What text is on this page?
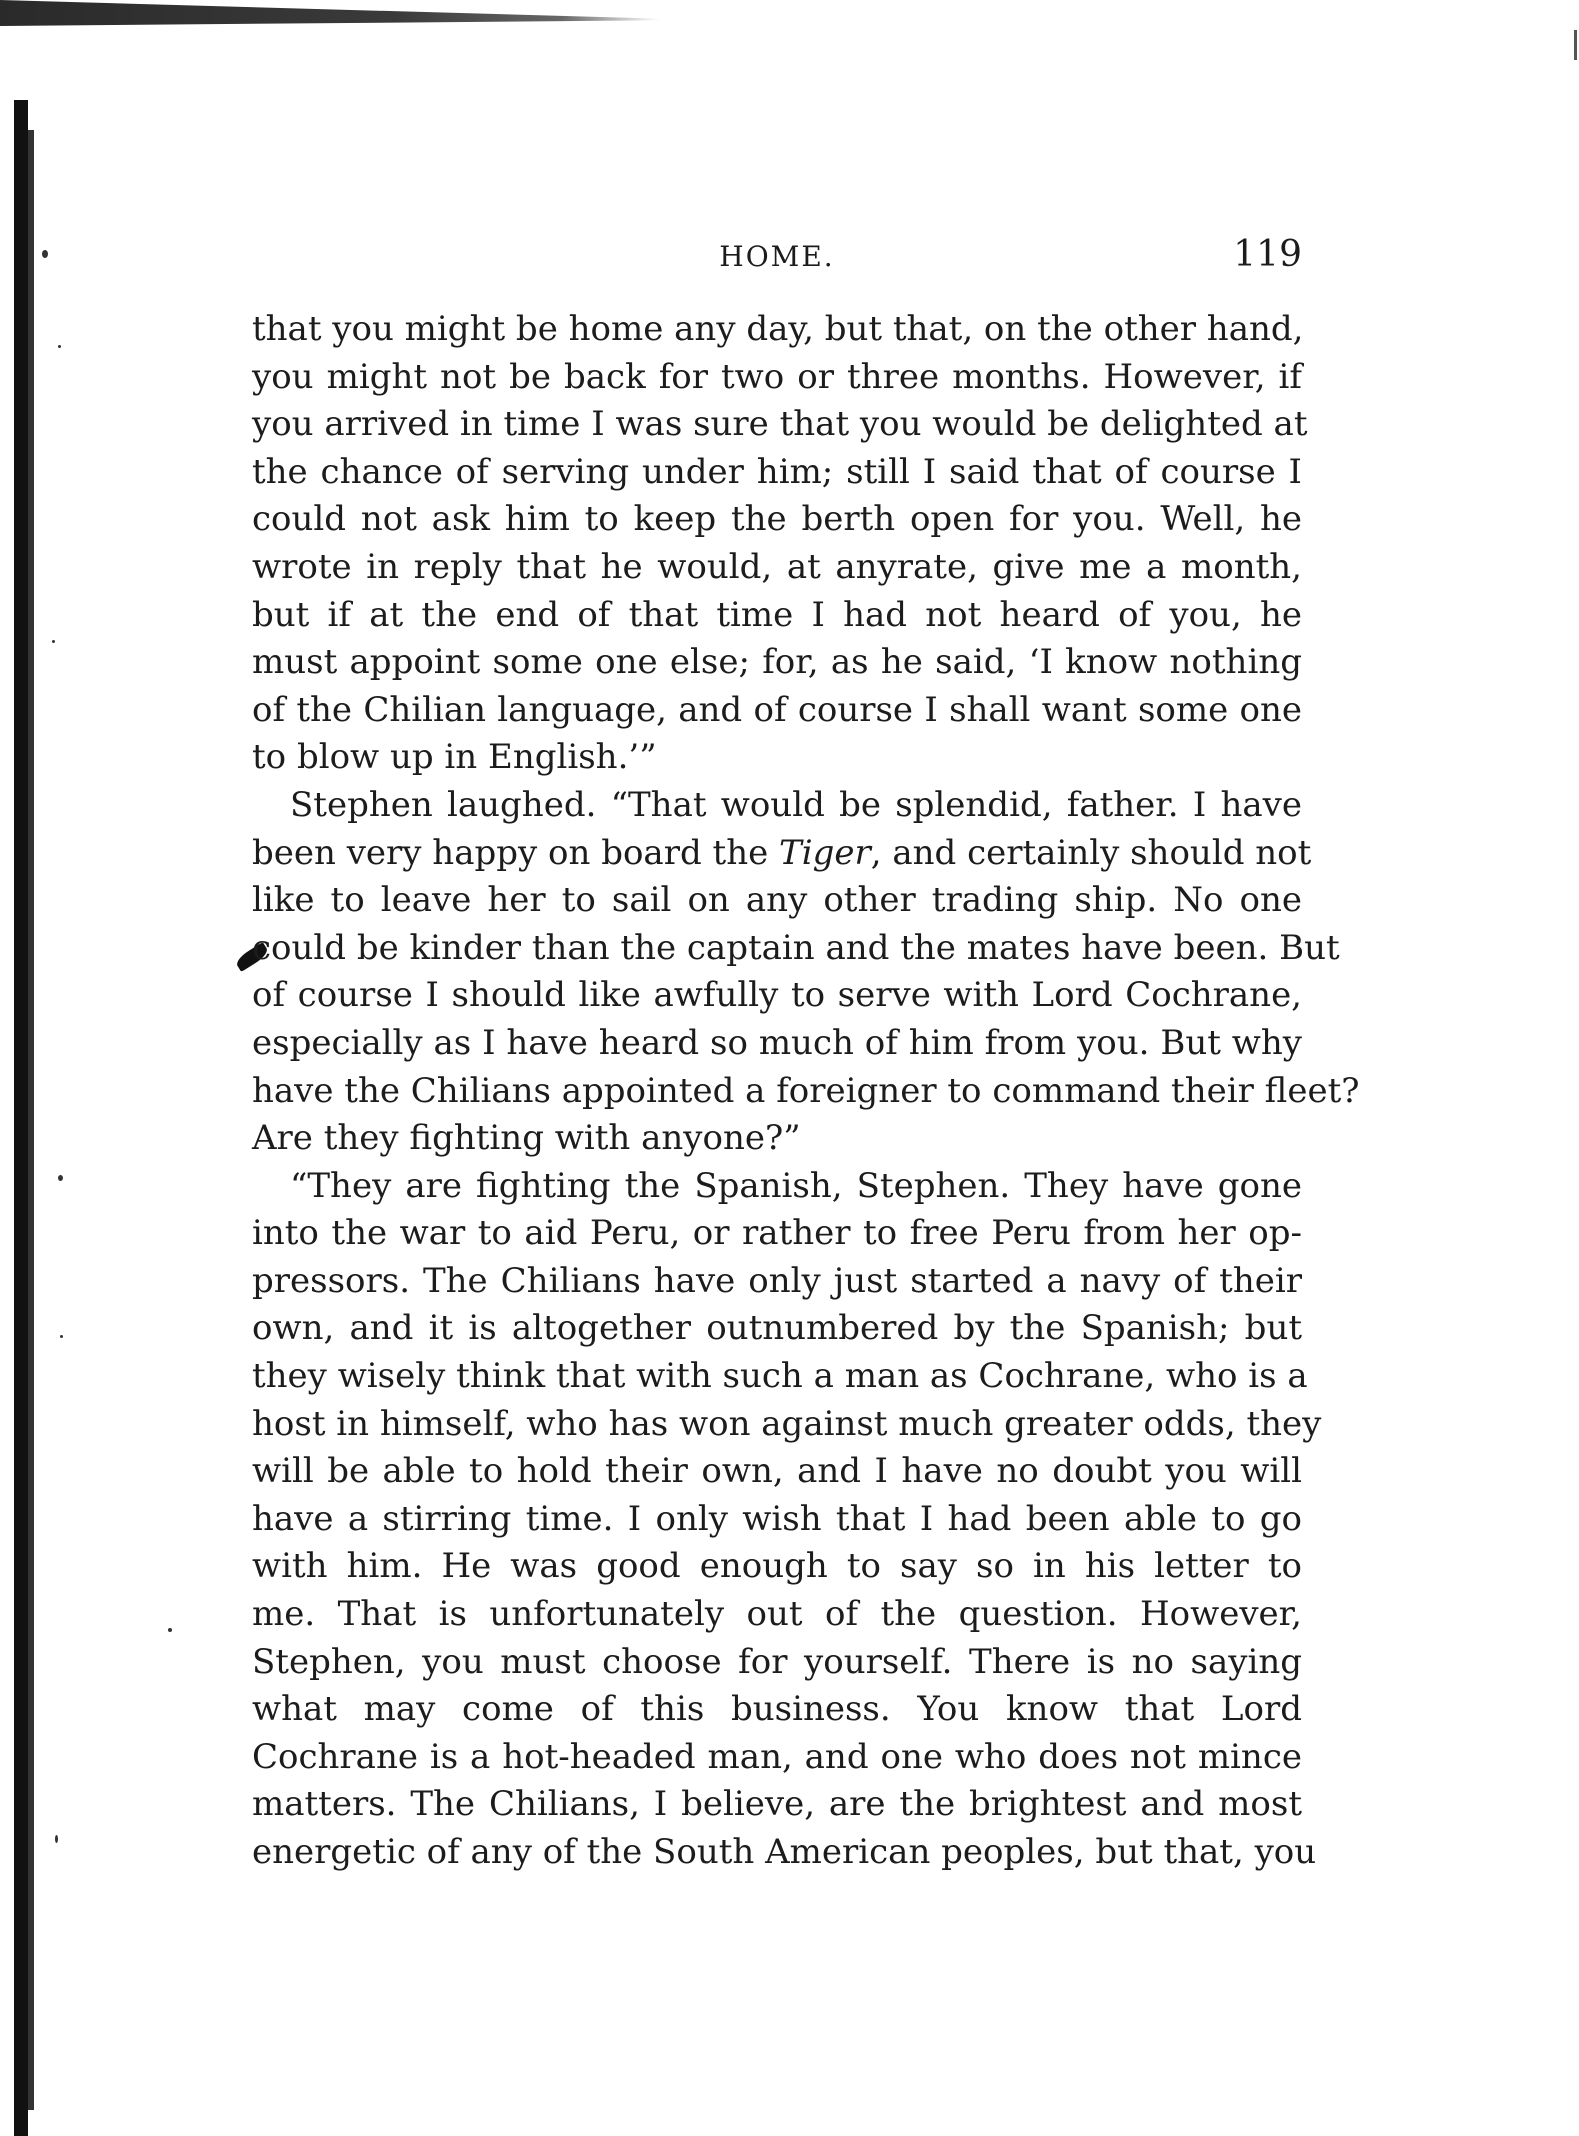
HOME.	119
that you might be home any day, but that, on the other hand,
you might not be back for two or three months. However, if
you arrived in time I was sure that you would be delighted at
the chance of serving under him; still I said that of course I
could not ask him to keep the berth open for you. Well, he
wrote in reply that he would, at anyrate, give me a month,
but if at the end of that time I had not heard of you, he
must appoint some one else; for, as he said, ‘I know nothing
of the Chilian language, and of course I shall want some one
to blow up in English.’”
Stephen laughed. “That would be splendid, father. I have
been very happy on board the Tiger, and certainly should not
like to leave her to sail on any other trading ship. No one
could be kinder than the captain and the mates have been. But
of course I should like awfully to serve with Lord Cochrane,
especially as I have heard so much of him from you. But why
have the Chilians appointed a foreigner to command their fleet?
Are they fighting with anyone?”
“They are fighting the Spanish, Stephen. They have gone
into the war to aid Peru, or rather to free Peru from her op-
pressors. The Chilians have only just started a navy of their
own, and it is altogether outnumbered by the Spanish; but
they wisely think that with such a man as Cochrane, who is a
host in himself, who has won against much greater odds, they
will be able to hold their own, and I have no doubt you will
have a stirring time. I only wish that I had been able to go
with him. He was good enough to say so in his letter to
me. That is unfortunately out of the question. However,
Stephen, you must choose for yourself. There is no saying
what may come of this business. You know that Lord
Cochrane is a hot-headed man, and one who does not mince
matters. The Chilians, I believe, are the brightest and most
energetic of any of the South American peoples, but that, you
